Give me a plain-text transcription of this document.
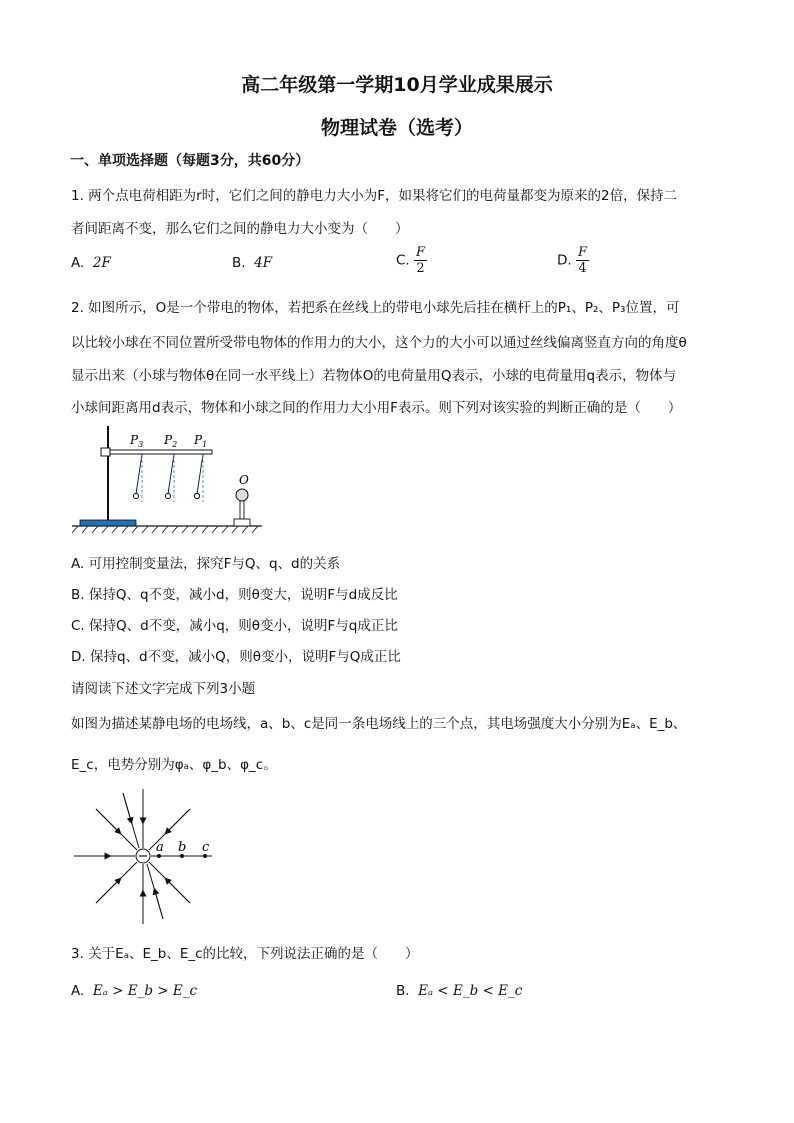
高二年级第一学期10月学业成果展示
物理试卷（选考）
一、单项选择题（每题3分，共60分）
1. 两个点电荷相距为r时，它们之间的静电力大小为F，如果将它们的电荷量都变为原来的2倍，保持二
者间距离不变，那么它们之间的静电力大小变为（　　）
A. 2F	B. 4F	C. $\frac{F}{2}$	D. $\frac{F}{4}$
2. 如图所示，O是一个带电的物体，若把系在丝线上的带电小球先后挂在横杆上的P₁、P₂、P₃位置，可
以比较小球在不同位置所受带电物体的作用力的大小，这个力的大小可以通过丝线偏离竖直方向的角度θ
显示出来（小球与物体θ在同一水平线上）若物体O的电荷量用Q表示，小球的电荷量用q表示，物体与
小球间距离用d表示，物体和小球之间的作用力大小用F表示。则下列对该实验的判断正确的是（　　）
$P_3$ $P_2$ $P_1$
O
A. 可用控制变量法，探究F与Q、q、d的关系
B. 保持Q、q不变，减小d，则θ变大，说明F与d成反比
C. 保持Q、d不变，减小q，则θ变小，说明F与q成正比
D. 保持q、d不变，减小Q，则θ变小，说明F与Q成正比
请阅读下述文字完成下列3小题
如图为描述某静电场的电场线，a、b、c是同一条电场线上的三个点，其电场强度大小分别为Eₐ、E_b、
E_c，电势分别为φₐ、φ_b、φ_c。
a b c
3. 关于Eₐ、E_b、E_c的比较，下列说法正确的是（　　）
A. Eₐ > E_b > E_c	B. Eₐ < E_b < E_c
